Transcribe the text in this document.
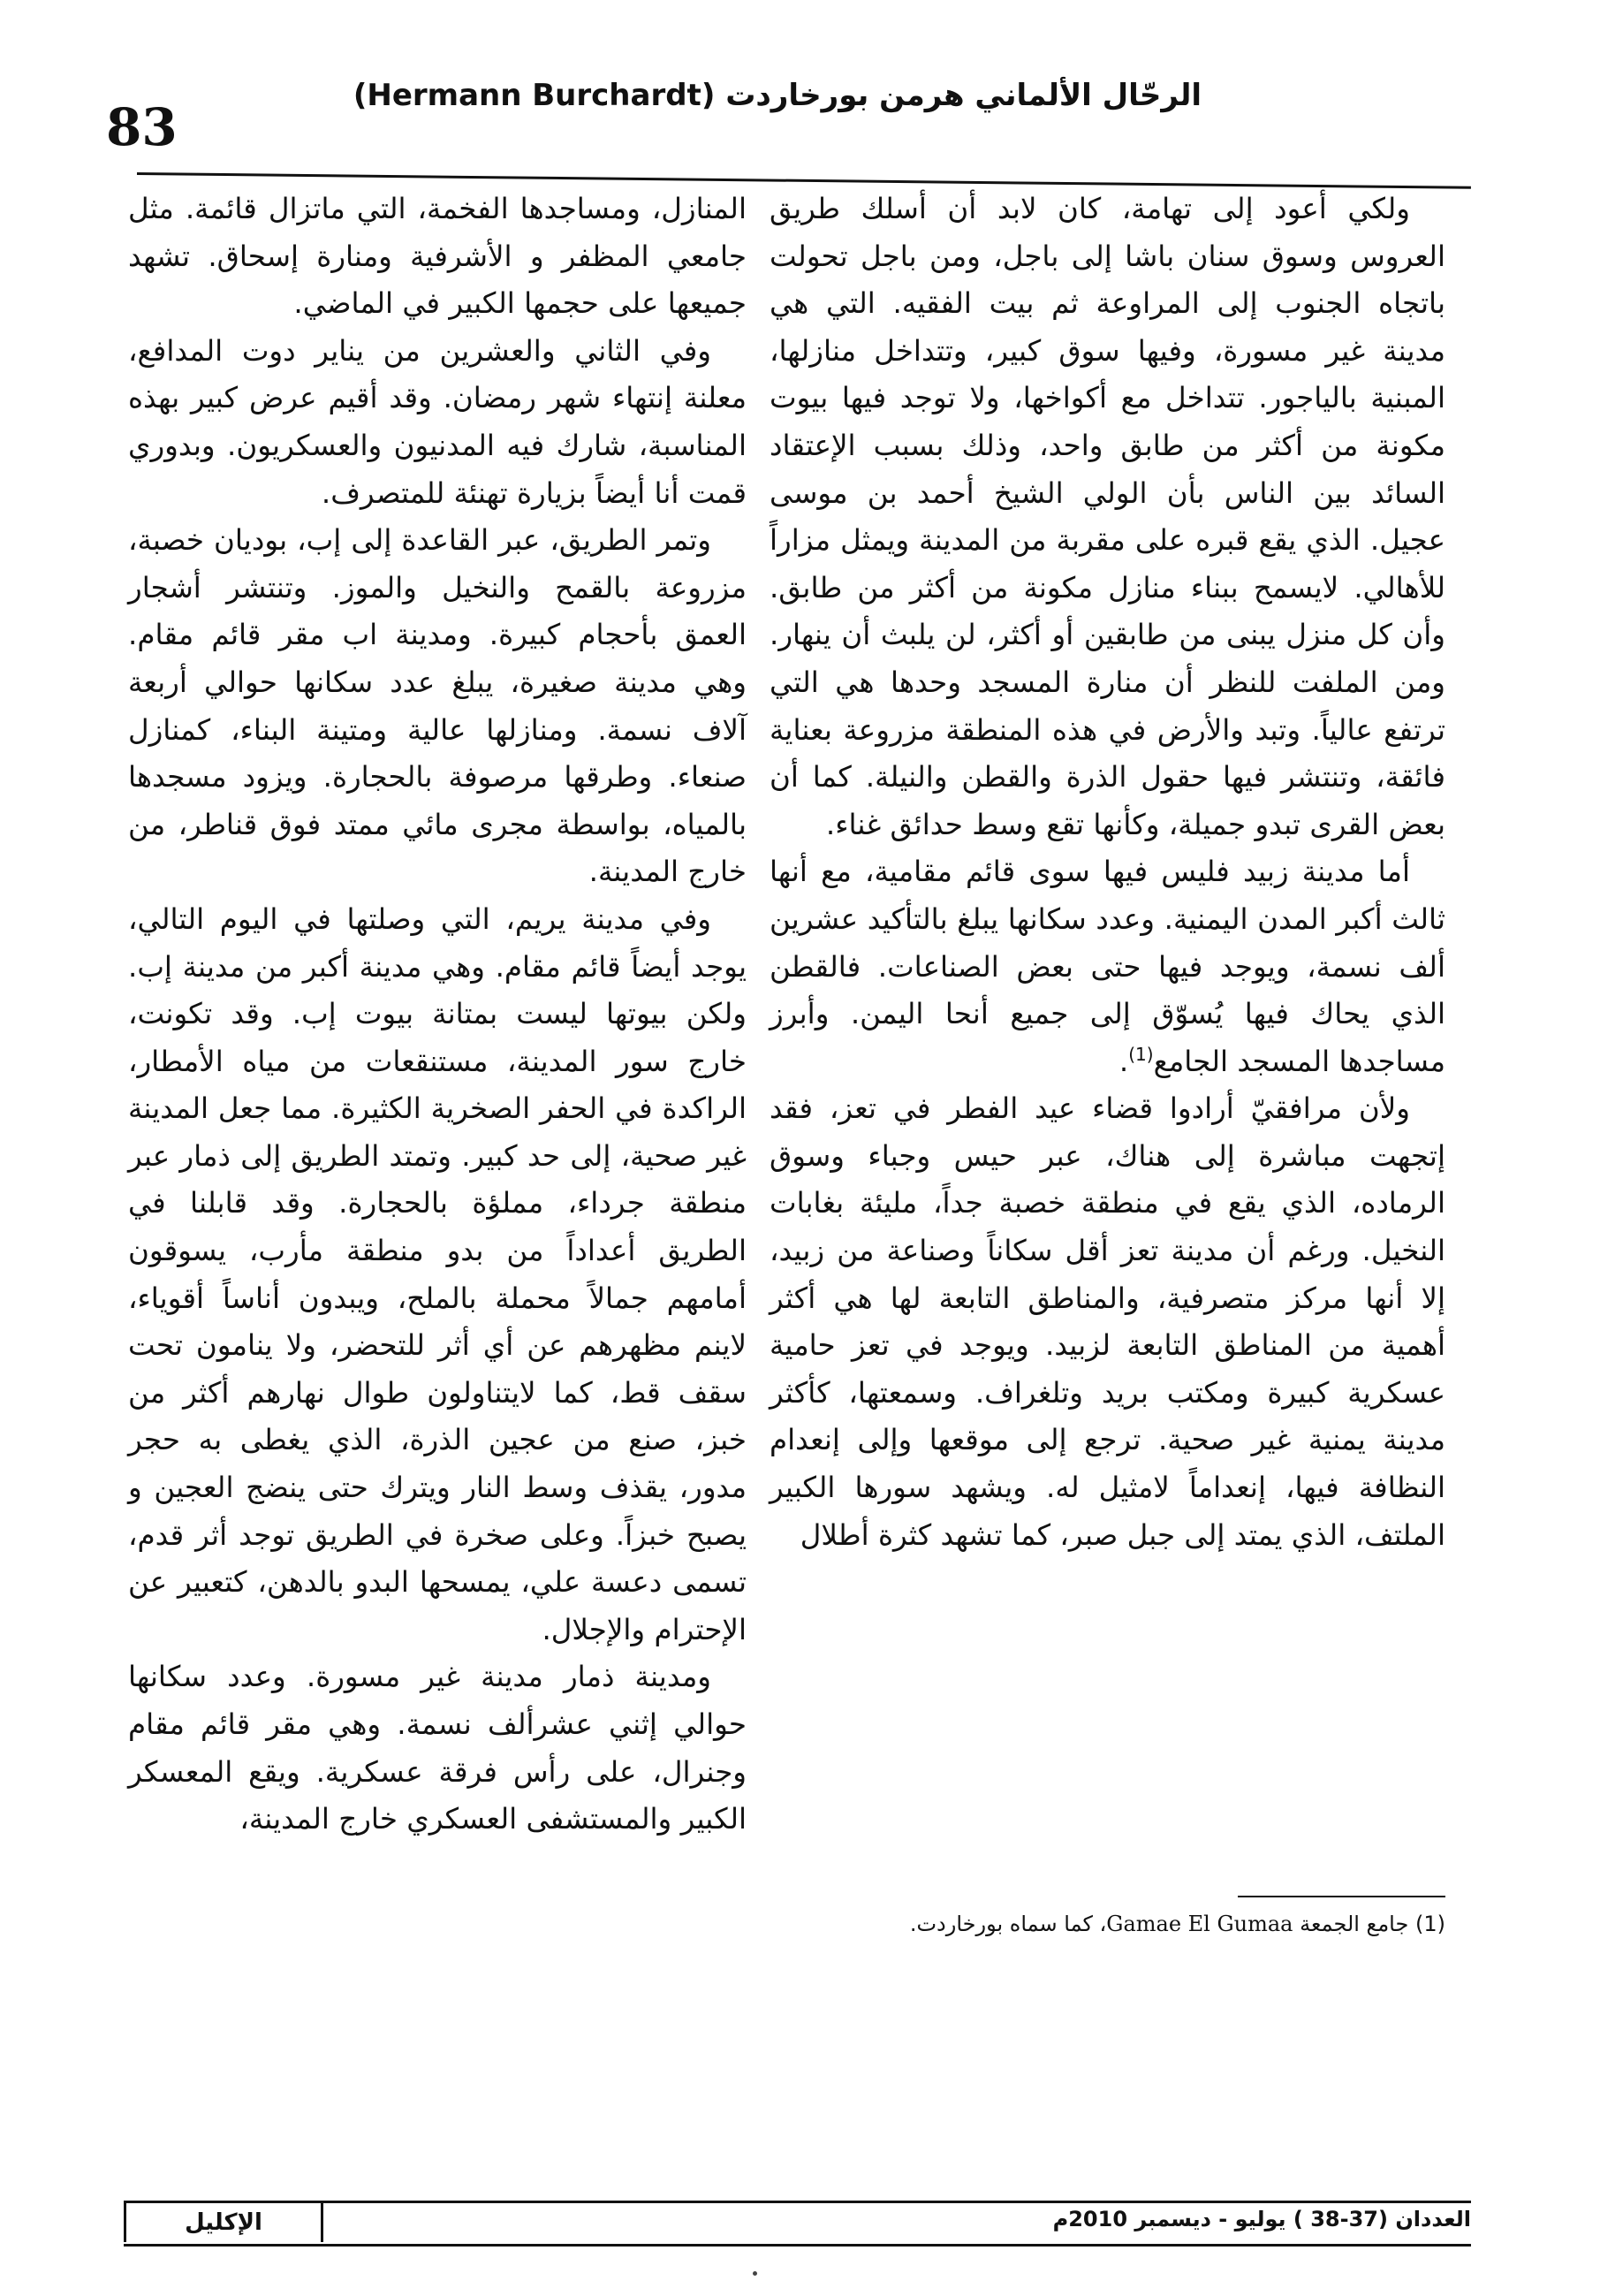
83
الرحّال الألماني هرمن بورخاردت (Hermann Burchardt)

ولكي أعود إلى تهامة، كان لابد أن أسلك طريق العروس وسوق سنان باشا إلى باجل، ومن باجل تحولت باتجاه الجنوب إلى المراوعة ثم بيت الفقيه. التي هي مدينة غير مسورة، وفيها سوق كبير، وتتداخل منازلها، المبنية بالياجور. تتداخل مع أكواخها، ولا توجد فيها بيوت مكونة من أكثر من طابق واحد، وذلك بسبب الإعتقاد السائد بين الناس بأن الولي الشيخ أحمد بن موسى عجيل. الذي يقع قبره على مقربة من المدينة ويمثل مزاراً للأهالي. لايسمح ببناء منازل مكونة من أكثر من طابق. وأن كل منزل يبنى من طابقين أو أكثر، لن يلبث أن ينهار. ومن الملفت للنظر أن منارة المسجد وحدها هي التي ترتفع عالياً. وتبد والأرض في هذه المنطقة مزروعة بعناية فائقة، وتنتشر فيها حقول الذرة والقطن والنيلة. كما أن بعض القرى تبدو جميلة، وكأنها تقع وسط حدائق غناء.

أما مدينة زبيد فليس فيها سوى قائم مقامية، مع أنها ثالث أكبر المدن اليمنية. وعدد سكانها يبلغ بالتأكيد عشرين ألف نسمة، ويوجد فيها حتى بعض الصناعات. فالقطن الذي يحاك فيها يُسوّق إلى جميع أنحا اليمن. وأبرز مساجدها المسجد الجامع$^{(1)}$.

ولأن مرافقيّ أرادوا قضاء عيد الفطر في تعز، فقد إتجهت مباشرة إلى هناك، عبر حيس وجباء وسوق الرماده، الذي يقع في منطقة خصبة جداً، مليئة بغابات النخيل. ورغم أن مدينة تعز أقل سكاناً وصناعة من زبيد، إلا أنها مركز متصرفية، والمناطق التابعة لها هي أكثر أهمية من المناطق التابعة لزبيد. ويوجد في تعز حامية عسكرية كبيرة ومكتب بريد وتلغراف. وسمعتها، كأكثر مدينة يمنية غير صحية. ترجع إلى موقعها وإلى إنعدام النظافة فيها، إنعداماً لامثيل له. ويشهد سورها الكبير الملتف، الذي يمتد إلى جبل صبر، كما تشهد كثرة أطلال

المنازل، ومساجدها الفخمة، التي ماتزال قائمة. مثل جامعي المظفر و الأشرفية ومنارة إسحاق. تشهد جميعها على حجمها الكبير في الماضي.

وفي الثاني والعشرين من يناير دوت المدافع، معلنة إنتهاء شهر رمضان. وقد أقيم عرض كبير بهذه المناسبة، شارك فيه المدنيون والعسكريون. وبدوري قمت أنا أيضاً بزيارة تهنئة للمتصرف.

وتمر الطريق، عبر القاعدة إلى إب، بوديان خصبة، مزروعة بالقمح والنخيل والموز. وتنتشر أشجار العمق بأحجام كبيرة. ومدينة اب مقر قائم مقام. وهي مدينة صغيرة، يبلغ عدد سكانها حوالي أربعة آلاف نسمة. ومنازلها عالية ومتينة البناء، كمنازل صنعاء. وطرقها مرصوفة بالحجارة. ويزود مسجدها بالمياه، بواسطة مجرى مائي ممتد فوق قناطر، من خارج المدينة.

وفي مدينة يريم، التي وصلتها في اليوم التالي، يوجد أيضاً قائم مقام. وهي مدينة أكبر من مدينة إب. ولكن بيوتها ليست بمتانة بيوت إب. وقد تكونت، خارج سور المدينة، مستنقعات من مياه الأمطار، الراكدة في الحفر الصخرية الكثيرة. مما جعل المدينة غير صحية، إلى حد كبير. وتمتد الطريق إلى ذمار عبر منطقة جرداء، مملؤة بالحجارة. وقد قابلنا في الطريق أعداداً من بدو منطقة مأرب، يسوقون أمامهم جمالاً محملة بالملح، ويبدون أناساً أقوياء، لاينم مظهرهم عن أي أثر للتحضر، ولا ينامون تحت سقف قط، كما لايتناولون طوال نهارهم أكثر من خبز، صنع من عجين الذرة، الذي يغطى به حجر مدور، يقذف وسط النار ويترك حتى ينضج العجين و يصبح خبزاً. وعلى صخرة في الطريق توجد أثر قدم، تسمى دعسة علي، يمسحها البدو بالدهن، كتعبير عن الإحترام والإجلال.

ومدينة ذمار مدينة غير مسورة. وعدد سكانها حوالي إثني عشرألف نسمة. وهي مقر قائم مقام وجنرال، على رأس فرقة عسكرية. ويقع المعسكر الكبير والمستشفى العسكري خارج المدينة،

(1) جامع الجمعة Gamae El Gumaa، كما سماه بورخاردت.
العددان (37-38 ) يوليو - ديسمبر 2010م
الإكليل
